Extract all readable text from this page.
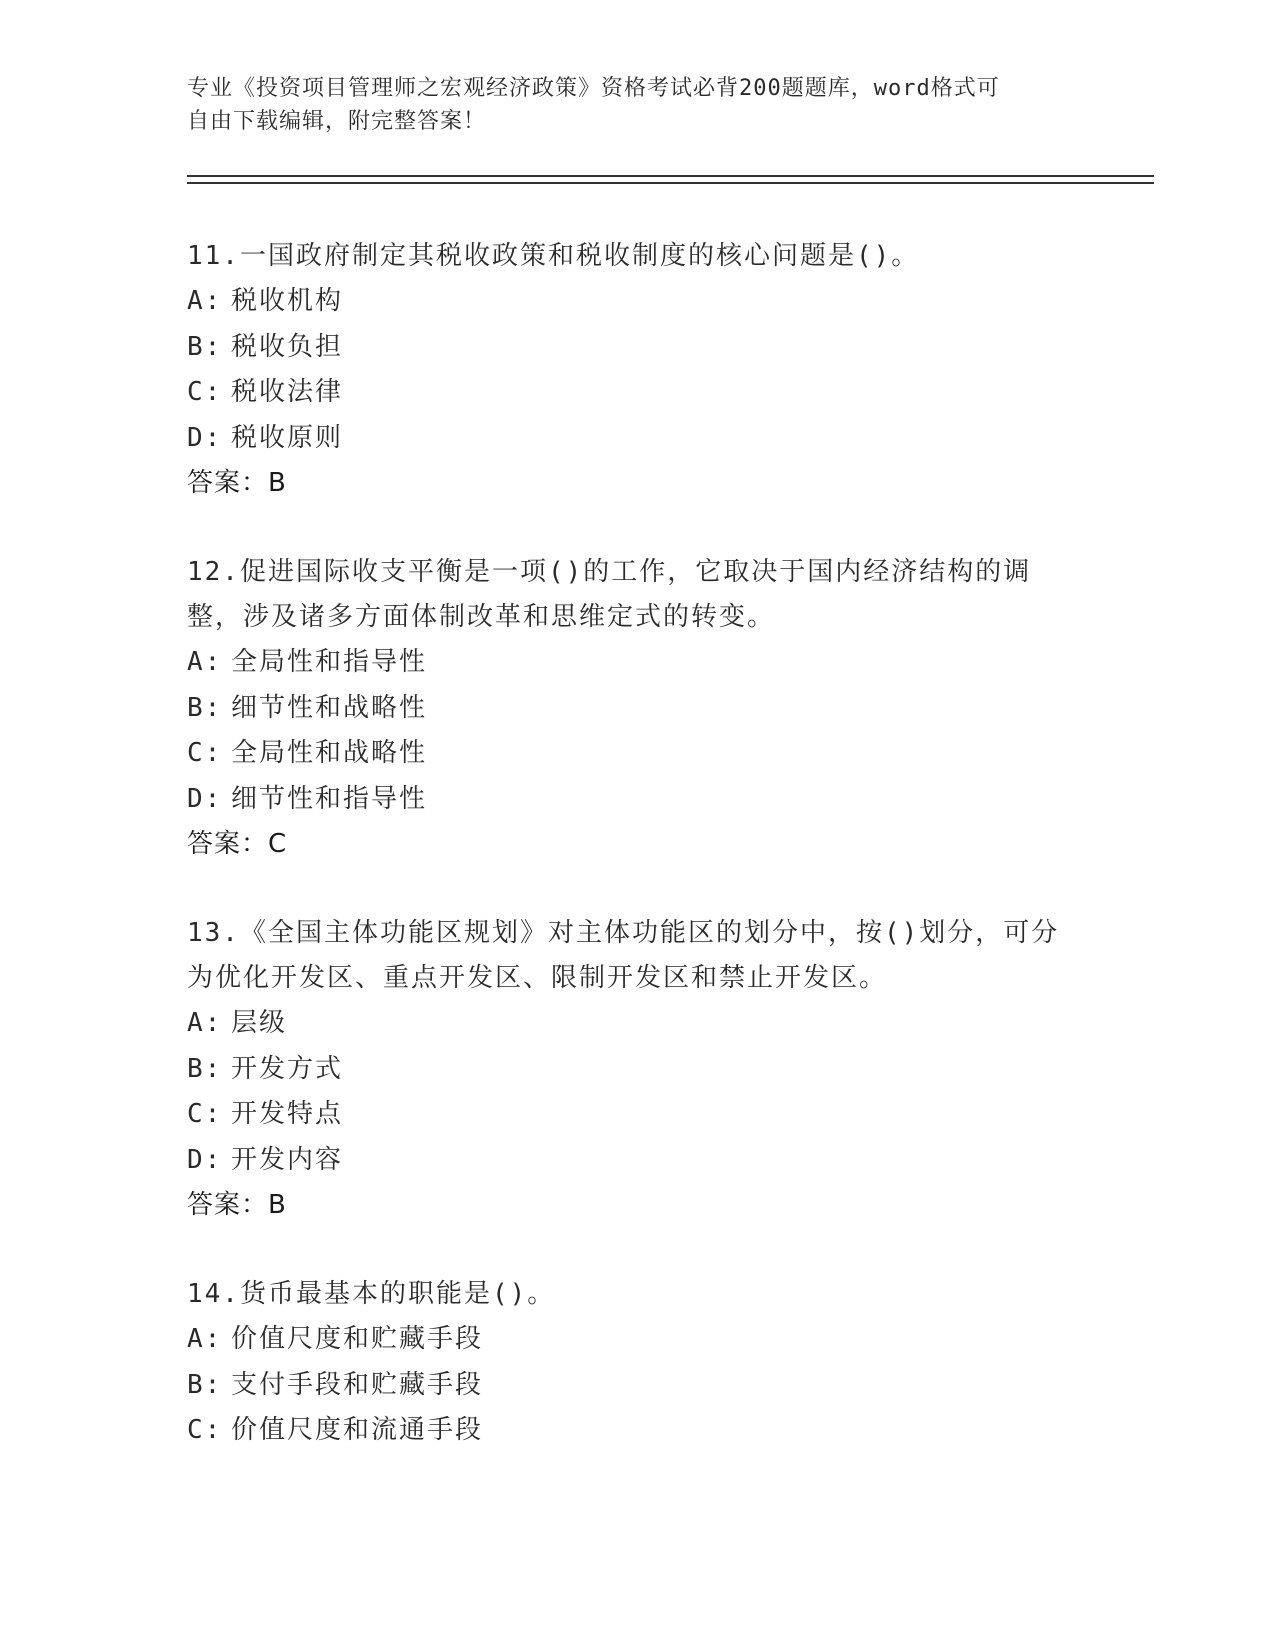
专业《投资项目管理师之宏观经济政策》资格考试必背200题题库，word格式可
自由下载编辑，附完整答案！
11.一国政府制定其税收政策和税收制度的核心问题是()。
A: 税收机构
B: 税收负担
C: 税收法律
D: 税收原则
答案：B
12.促进国际收支平衡是一项()的工作，它取决于国内经济结构的调整，涉及诸多方面体制改革和思维定式的转变。
A: 全局性和指导性
B: 细节性和战略性
C: 全局性和战略性
D: 细节性和指导性
答案：C
13.《全国主体功能区规划》对主体功能区的划分中，按()划分，可分为优化开发区、重点开发区、限制开发区和禁止开发区。
A: 层级
B: 开发方式
C: 开发特点
D: 开发内容
答案：B
14.货币最基本的职能是()。
A: 价值尺度和贮藏手段
B: 支付手段和贮藏手段
C: 价值尺度和流通手段
